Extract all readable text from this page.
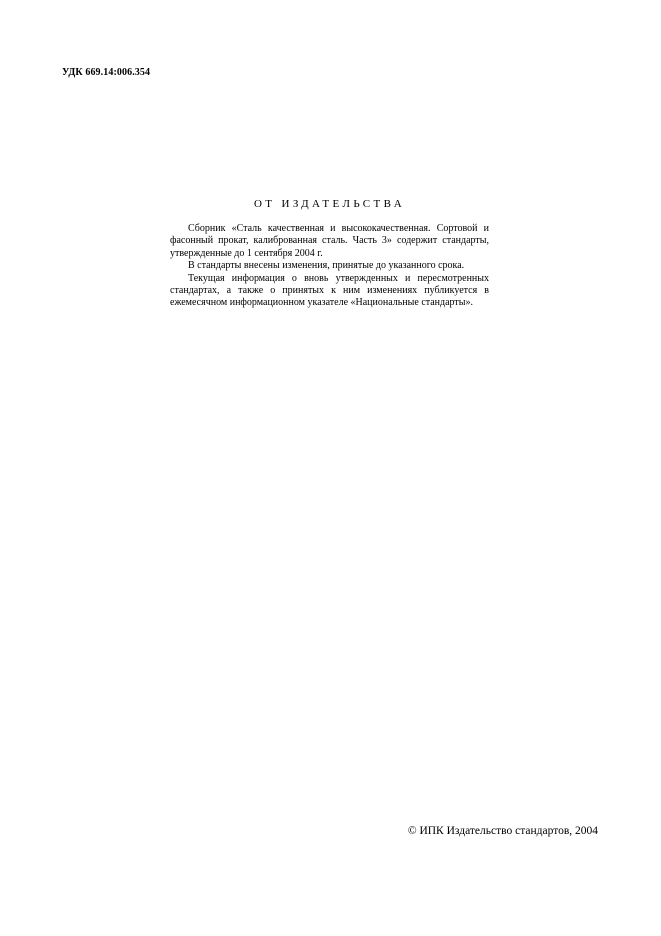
УДК 669.14:006.354
ОТ ИЗДАТЕЛЬСТВА

Сборник «Сталь качественная и высококачественная. Сортовой и фасонный прокат, калиброванная сталь. Часть 3» содержит стандарты, утвержденные до 1 сентября 2004 г.

В стандарты внесены изменения, принятые до указанного срока.

Текущая информация о вновь утвержденных и пересмотренных стандартах, а также о принятых к ним изменениях публикуется в ежемесячном информационном указателе «Национальные стандарты».

© ИПК Издательство стандартов, 2004
